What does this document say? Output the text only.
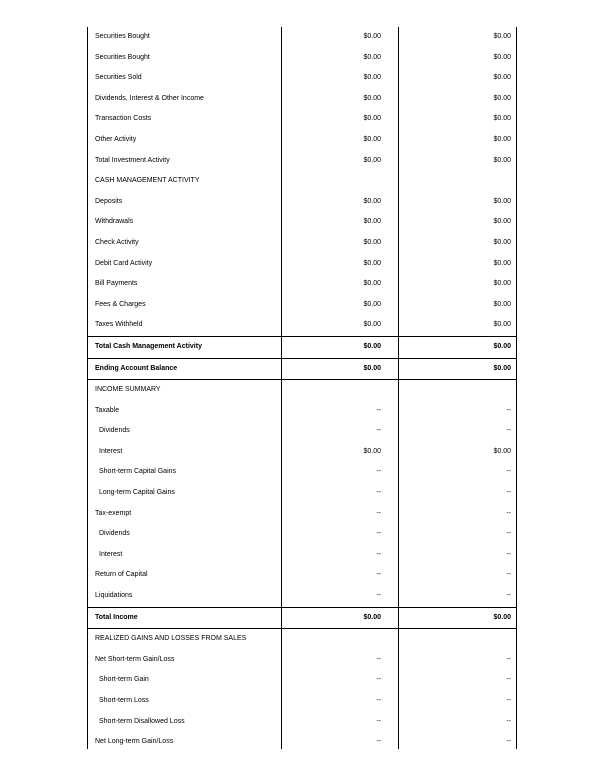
Securities Bought	$0.00	$0.00
Securities Bought	$0.00	$0.00
Securities Sold	$0.00	$0.00
Dividends, Interest & Other Income	$0.00	$0.00
Transaction Costs	$0.00	$0.00
Other Activity	$0.00	$0.00
Total Investment Activity	$0.00	$0.00
CASH MANAGEMENT ACTIVITY
Deposits	$0.00	$0.00
Withdrawals	$0.00	$0.00
Check Activity	$0.00	$0.00
Debit Card Activity	$0.00	$0.00
Bill Payments	$0.00	$0.00
Fees & Charges	$0.00	$0.00
Taxes Withheld	$0.00	$0.00
Total Cash Management Activity	$0.00	$0.00
Ending Account Balance	$0.00	$0.00
INCOME SUMMARY
Taxable	--	--
Dividends	--	--
Interest	$0.00	$0.00
Short-term Capital Gains	--	--
Long-term Capital Gains	--	--
Tax-exempt	--	--
Dividends	--	--
Interest	--	--
Return of Capital	--	--
Liquidations	--	--
Total Income	$0.00	$0.00
REALIZED GAINS AND LOSSES FROM SALES
Net Short-term Gain/Loss	--	--
Short-term Gain	--	--
Short-term Loss	--	--
Short-term Disallowed Loss	--	--
Net Long-term Gain/Loss	--	--
